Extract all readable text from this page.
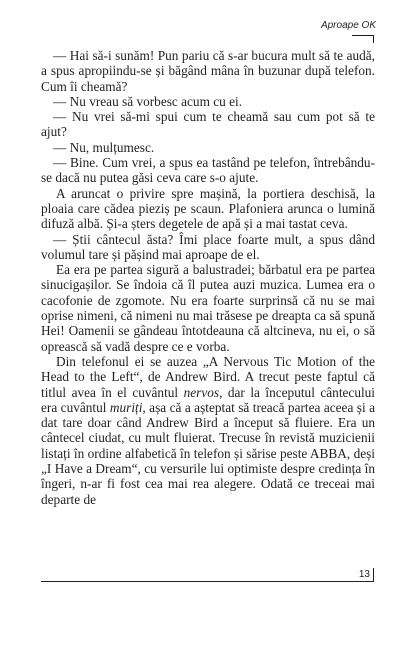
Aproape OK

— Hai să-i sunăm! Pun pariu că s-ar bucura mult să te audă, a spus apropiindu-se și băgând mâna în buzunar după telefon. Cum îi cheamă?

— Nu vreau să vorbesc acum cu ei.

— Nu vrei să-mi spui cum te cheamă sau cum pot să te ajut?

— Nu, mulțumesc.

— Bine. Cum vrei, a spus ea tastând pe telefon, întrebându-se dacă nu putea găsi ceva care s-o ajute.

A aruncat o privire spre mașină, la portiera deschisă, la ploaia care cădea pieziș pe scaun. Plafoniera arunca o lumină difuză albă. Și-a șters degetele de apă și a mai tastat ceva.

— Știi cântecul ăsta? Îmi place foarte mult, a spus dând volumul tare și pășind mai aproape de el.

Ea era pe partea sigură a balustradei; bărbatul era pe partea sinucigașilor. Se îndoia că îl putea auzi muzica. Lumea era o cacofonie de zgomote. Nu era foarte surprinsă că nu se mai oprise nimeni, că nimeni nu mai trăsese pe dreapta ca să spună Hei! Oamenii se gândeau întotdeauna că altcineva, nu ei, o să oprească să vadă despre ce e vorba.

Din telefonul ei se auzea „A Nervous Tic Motion of the Head to the Left“, de Andrew Bird. A trecut peste faptul că titlul avea în el cuvântul nervos, dar la începutul cântecului era cuvântul muriți, așa că a așteptat să treacă partea aceea și a dat tare doar când Andrew Bird a început să fluiere. Era un cântecel ciudat, cu mult fluierat. Trecuse în revistă muzicienii listați în ordine alfabetică în telefon și sărise peste ABBA, deși „I Have a Dream“, cu versurile lui optimiste despre credința în îngeri, n-ar fi fost cea mai rea alegere. Odată ce treceai mai departe de

13
